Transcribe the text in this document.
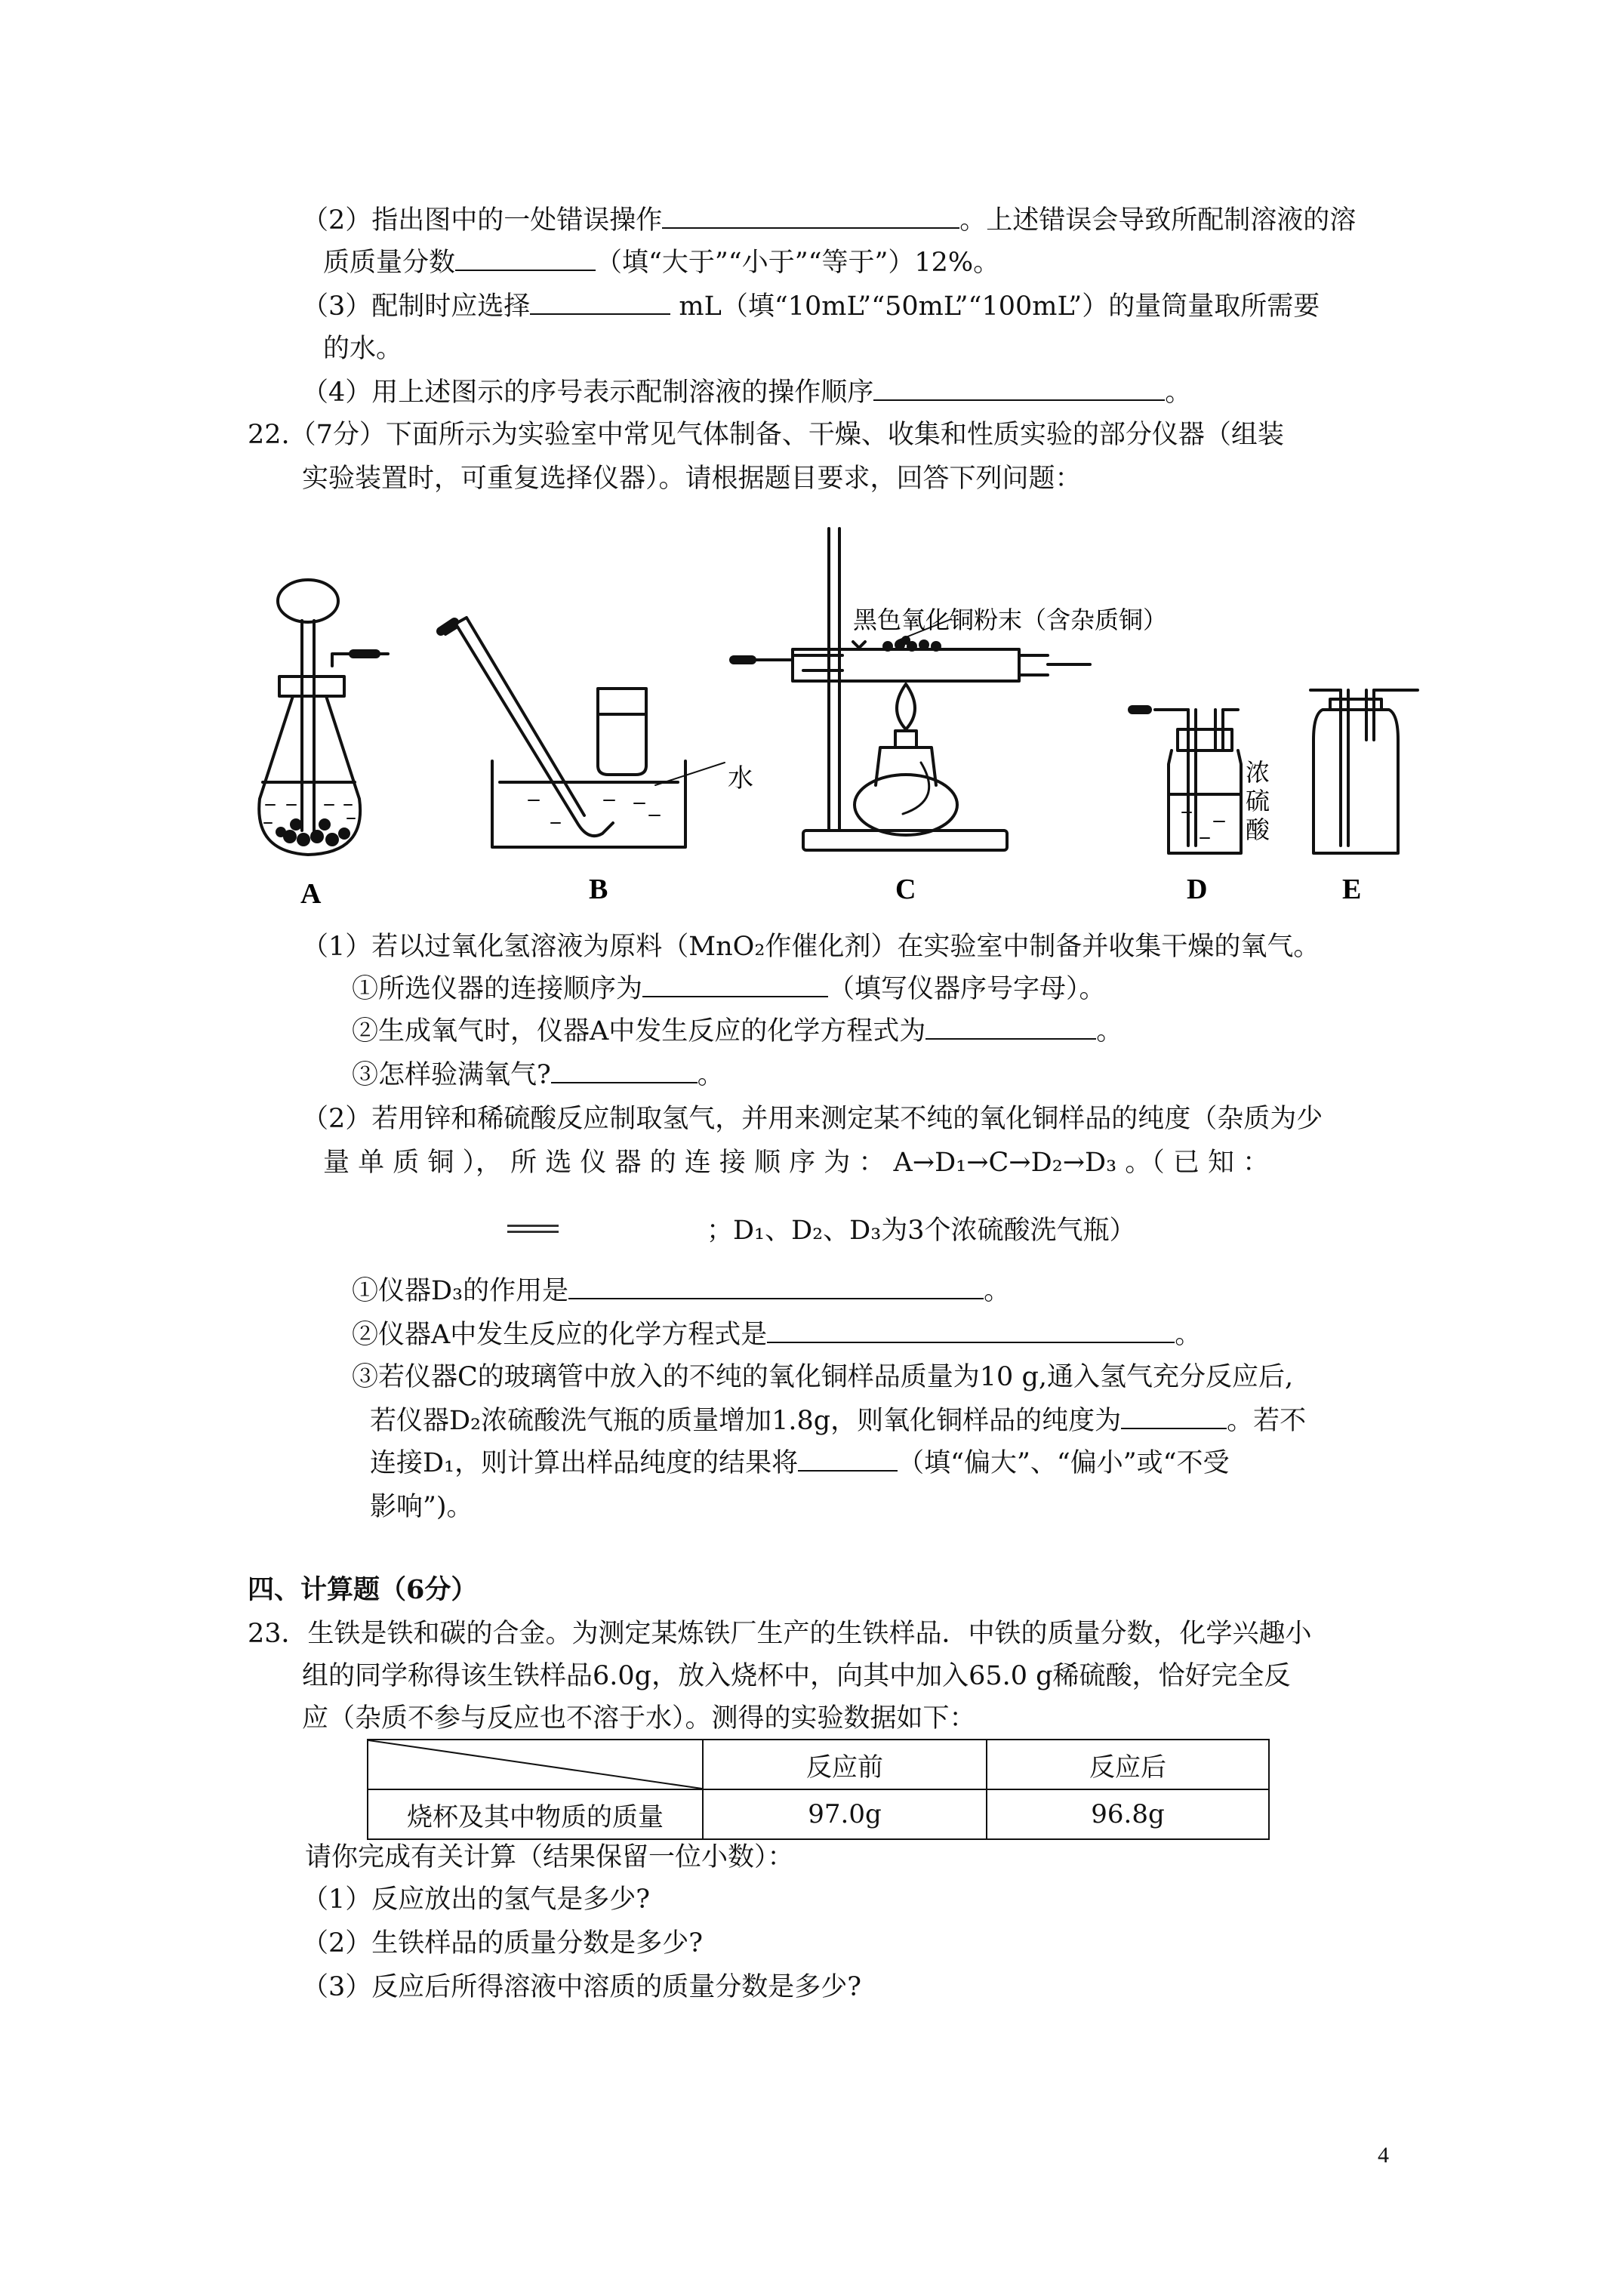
（2）指出图中的一处错误操作	。上述错误会导致所配制溶液的溶
质质量分数	（填“大于”“小于”“等于”）12%。
（3）配制时应选择	mL（填“10mL”“50mL”“100mL”）的量筒量取所需要
的水。
（4）用上述图示的序号表示配制溶液的操作顺序	。
22.（7分）下面所示为实验室中常见气体制备、干燥、收集和性质实验的部分仪器（组装
实验装置时，可重复选择仪器）。请根据题目要求，回答下列问题：
A	B	C	D	E
水
黑色氧化铜粉末（含杂质铜）
浓
硫
酸
（1）若以过氧化氢溶液为原料（MnO₂作催化剂）在实验室中制备并收集干燥的氧气。
①所选仪器的连接顺序为	（填写仪器序号字母）。
②生成氧气时，仪器A中发生反应的化学方程式为	。
③怎样验满氧气?	。
（2）若用锌和稀硫酸反应制取氢气，并用来测定某不纯的氧化铜样品的纯度（杂质为少
量 单 质 铜 ）， 所 选 仪 器 的 连 接 顺 序 为 ： A→D₁→C→D₂→D₃ 。（ 已 知 ：
；D₁、D₂、D₃为3个浓硫酸洗气瓶）
①仪器D₃的作用是	。
②仪器A中发生反应的化学方程式是	。
③若仪器C的玻璃管中放入的不纯的氧化铜样品质量为10 g,通入氢气充分反应后,
若仪器D₂浓硫酸洗气瓶的质量增加1.8g，则氧化铜样品的纯度为	。若不
连接D₁，则计算出样品纯度的结果将	（填“偏大”、“偏小”或“不受
影响”)。
四、计算题（6分）
23．生铁是铁和碳的合金。为测定某炼铁厂生产的生铁样品．中铁的质量分数，化学兴趣小
组的同学称得该生铁样品6.0g，放入烧杯中，向其中加入65.0 g稀硫酸，恰好完全反
应（杂质不参与反应也不溶于水）。测得的实验数据如下：
	反应前	反应后
烧杯及其中物质的质量	97.0g	96.8g
请你完成有关计算（结果保留一位小数）：
（1）反应放出的氢气是多少?
（2）生铁样品的质量分数是多少?
（3）反应后所得溶液中溶质的质量分数是多少?
4
